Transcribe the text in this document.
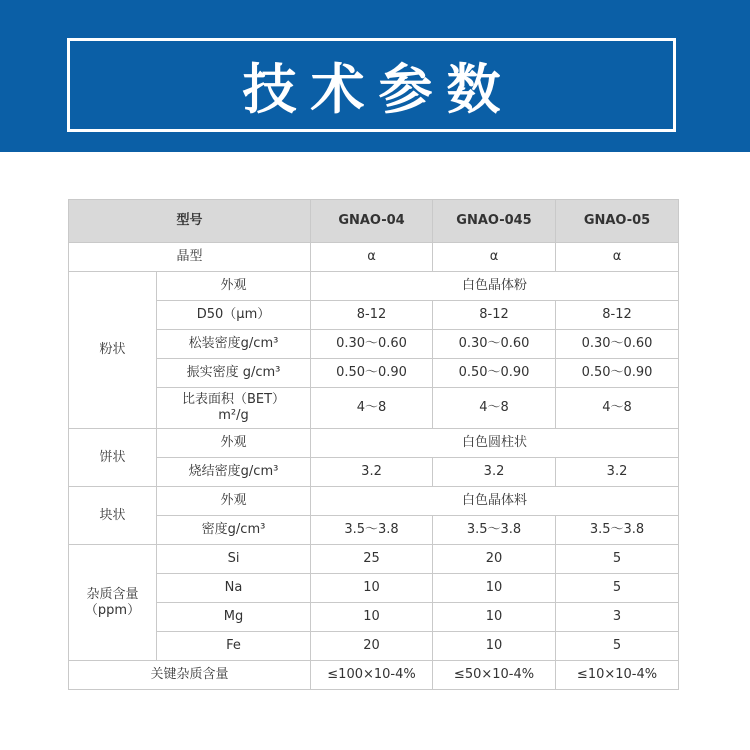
技术参数
型号		GNAO-04	GNAO-045	GNAO-05
晶型		α	α	α
粉状	外观	白色晶体粉		
	D50（μm）	8-12	8-12	8-12
	松装密度g/cm³	0.30～0.60	0.30～0.60	0.30～0.60
	振实密度 g/cm³	0.50～0.90	0.50～0.90	0.50～0.90

	比表面积（BET）
m²/g	4～8	4～8	4～8
饼状	外观	白色圆柱状		
	烧结密度g/cm³	3.2	3.2	3.2
块状	外观	白色晶体料		
	密度g/cm³	3.5～3.8	3.5～3.8	3.5～3.8

杂质含量
（ppm）	Si	25	20	5
	Na	10	10	5
	Mg	10	10	3
	Fe	20	10	5
关键杂质含量		≤100×10-4%	≤50×10-4%	≤10×10-4%
